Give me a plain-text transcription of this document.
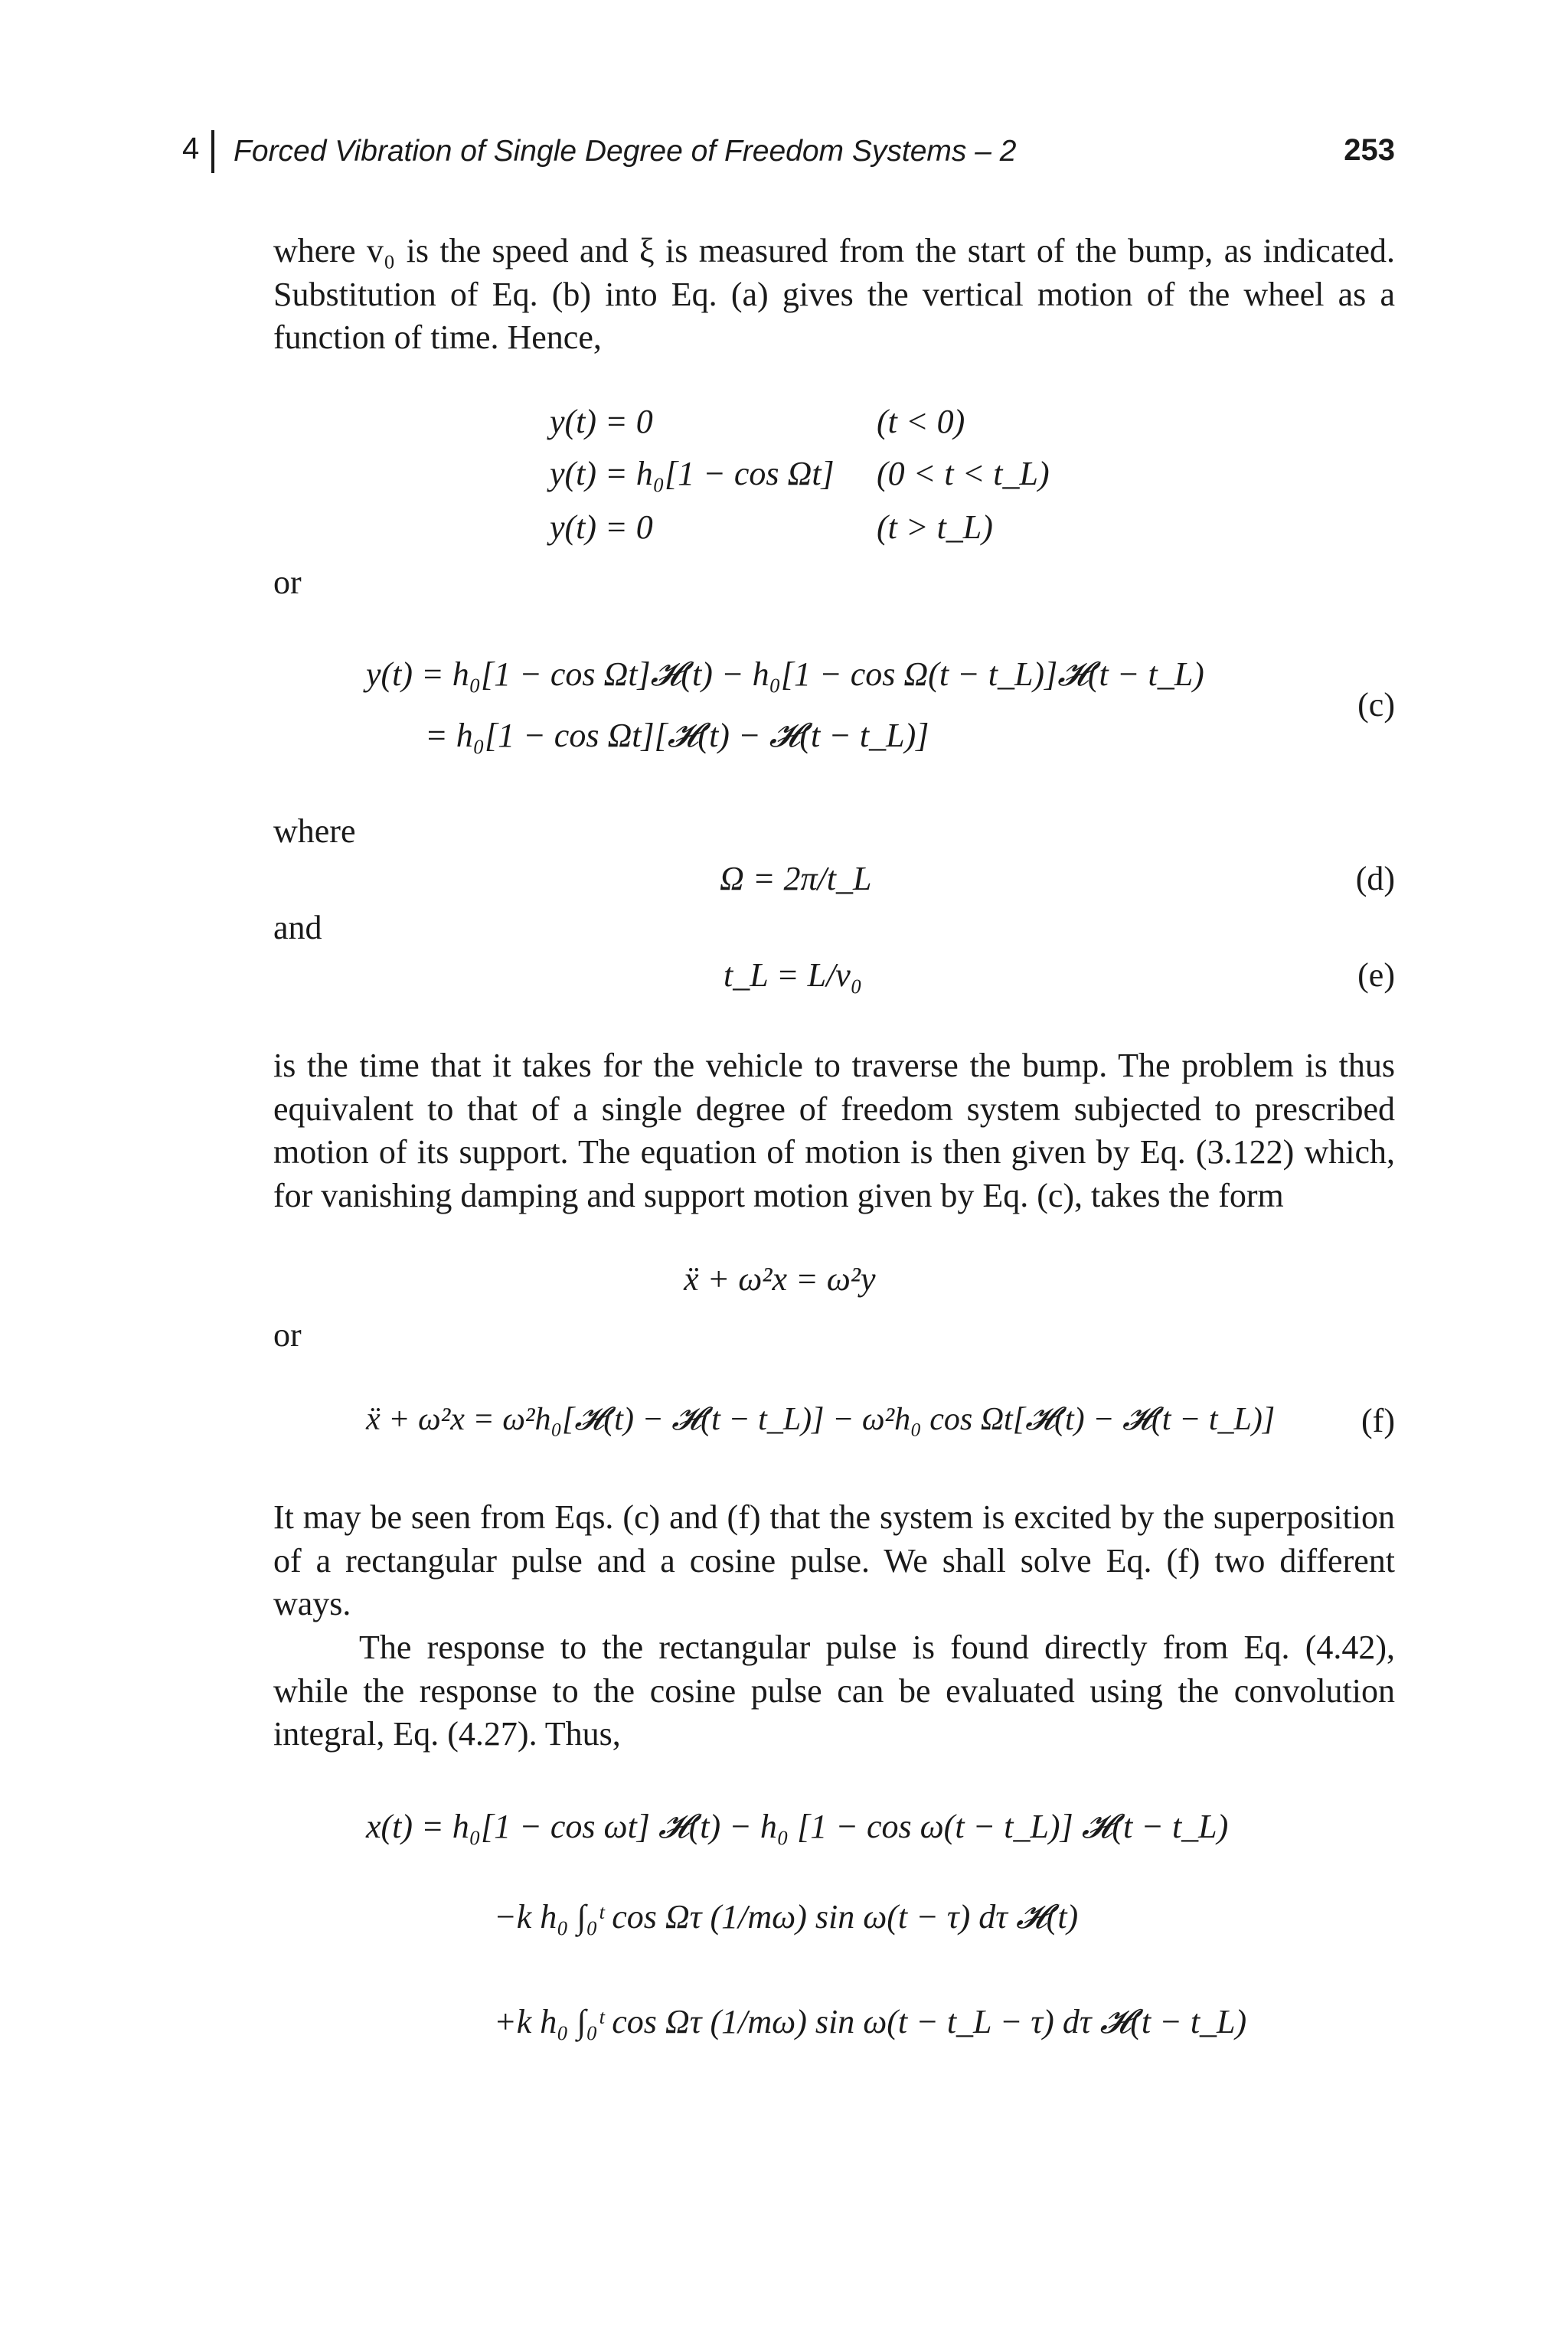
4 Forced Vibration of Single Degree of Freedom Systems – 2	253

where v₀ is the speed and ξ is measured from the start of the bump, as indicated. Substitution of Eq. (b) into Eq. (a) gives the vertical motion of the wheel as a function of time. Hence,

y(t) = 0	(t < 0)
y(t) = h₀[1 − cos Ωt] (0 < t < t_L)
y(t) = 0	(t > t_L)
or
y(t) = h₀[1 − cos Ωt]𝓗(t) − h₀[1 − cos Ω(t − t_L)]𝓗(t − t_L)
= h₀[1 − cos Ωt][𝓗(t) − 𝓗(t − t_L)]
(c)
where
Ω = 2π/t_L	(d)
and
t_L = L/v₀	(e)

is the time that it takes for the vehicle to traverse the bump. The problem is thus equivalent to that of a single degree of freedom system subjected to prescribed motion of its support. The equation of motion is then given by Eq. (3.122) which, for vanishing damping and support motion given by Eq. (c), takes the form

ẍ + ω²x = ω²y
or
ẍ + ω²x = ω²h₀[𝓗(t) − 𝓗(t − t_L)] − ω²h₀ cos Ωt[𝓗(t) − 𝓗(t − t_L)]	(f)

It may be seen from Eqs. (c) and (f) that the system is excited by the superposition of a rectangular pulse and a cosine pulse. We shall solve Eq. (f) two different ways.

The response to the rectangular pulse is found directly from Eq. (4.42), while the response to the cosine pulse can be evaluated using the convolution integral, Eq. (4.27). Thus,

x(t) = h₀[1 − cos ωt] 𝓗(t) − h₀ [1 − cos ω(t − t_L)] 𝓗(t − t_L)
−k h₀ ∫₀ᵗ cos Ωτ (1/mω) sin ω(t − τ) dτ 𝓗(t)
+k h₀ ∫₀ᵗ cos Ωτ (1/mω) sin ω(t − t_L − τ) dτ 𝓗(t − t_L)
